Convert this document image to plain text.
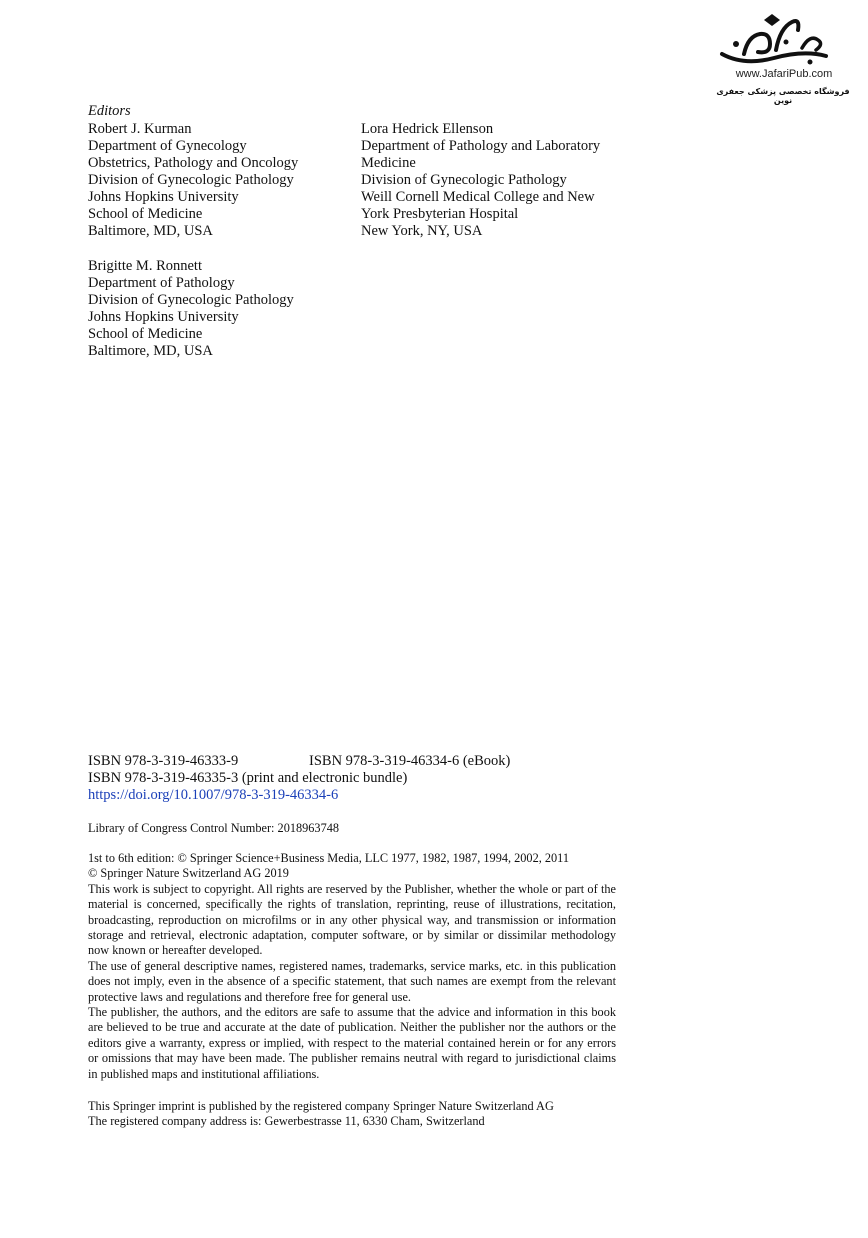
www.JafariPub.com
فروشگاه تخصصی پزشکی جعفری نوین
Editors
Robert J. Kurman
Department of Gynecology
Obstetrics, Pathology and Oncology
Division of Gynecologic Pathology
Johns Hopkins University
School of Medicine
Baltimore, MD, USA
Lora Hedrick Ellenson
Department of Pathology and Laboratory
Medicine
Division of Gynecologic Pathology
Weill Cornell Medical College and New
York Presbyterian Hospital
New York, NY, USA
Brigitte M. Ronnett
Department of Pathology
Division of Gynecologic Pathology
Johns Hopkins University
School of Medicine
Baltimore, MD, USA
ISBN 978-3-319-46333-9	ISBN 978-3-319-46334-6 (eBook)
ISBN 978-3-319-46335-3 (print and electronic bundle)
https://doi.org/10.1007/978-3-319-46334-6
Library of Congress Control Number: 2018963748

1st to 6th edition: © Springer Science+Business Media, LLC 1977, 1982, 1987, 1994, 2002, 2011

© Springer Nature Switzerland AG 2019

This work is subject to copyright. All rights are reserved by the Publisher, whether the whole or part of the material is concerned, specifically the rights of translation, reprinting, reuse of illustrations, recitation, broadcasting, reproduction on microfilms or in any other physical way, and transmission or information storage and retrieval, electronic adaptation, computer software, or by similar or dissimilar methodology now known or hereafter developed.

The use of general descriptive names, registered names, trademarks, service marks, etc. in this publication does not imply, even in the absence of a specific statement, that such names are exempt from the relevant protective laws and regulations and therefore free for general use.

The publisher, the authors, and the editors are safe to assume that the advice and information in this book are believed to be true and accurate at the date of publication. Neither the publisher nor the authors or the editors give a warranty, express or implied, with respect to the material contained herein or for any errors or omissions that may have been made. The publisher remains neutral with regard to jurisdictional claims in published maps and institutional affiliations.

This Springer imprint is published by the registered company Springer Nature Switzerland AG
The registered company address is: Gewerbestrasse 11, 6330 Cham, Switzerland
